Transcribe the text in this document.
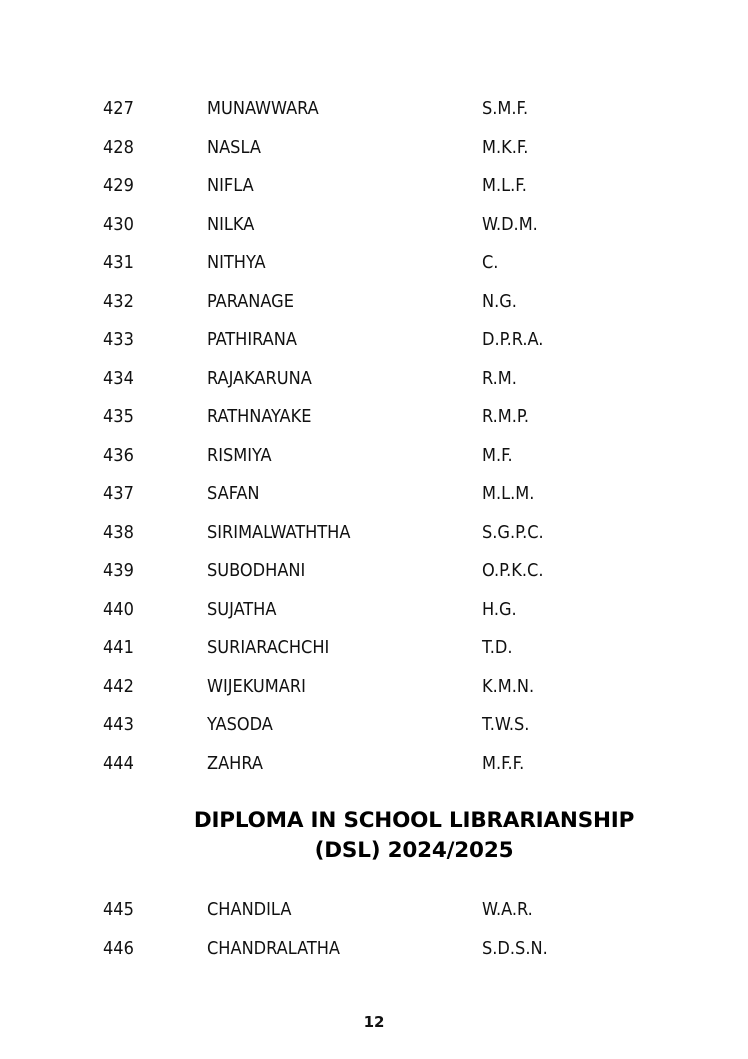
427	MUNAWWARA	S.M.F.
428	NASLA	M.K.F.
429	NIFLA	M.L.F.
430	NILKA	W.D.M.
431	NITHYA	C.
432	PARANAGE	N.G.
433	PATHIRANA	D.P.R.A.
434	RAJAKARUNA	R.M.
435	RATHNAYAKE	R.M.P.
436	RISMIYA	M.F.
437	SAFAN	M.L.M.
438	SIRIMALWATHTHA	S.G.P.C.
439	SUBODHANI	O.P.K.C.
440	SUJATHA	H.G.
441	SURIARACHCHI	T.D.
442	WIJEKUMARI	K.M.N.
443	YASODA	T.W.S.
444	ZAHRA	M.F.F.
DIPLOMA IN SCHOOL LIBRARIANSHIP
(DSL) 2024/2025
445	CHANDILA	W.A.R.
446	CHANDRALATHA	S.D.S.N.
12
